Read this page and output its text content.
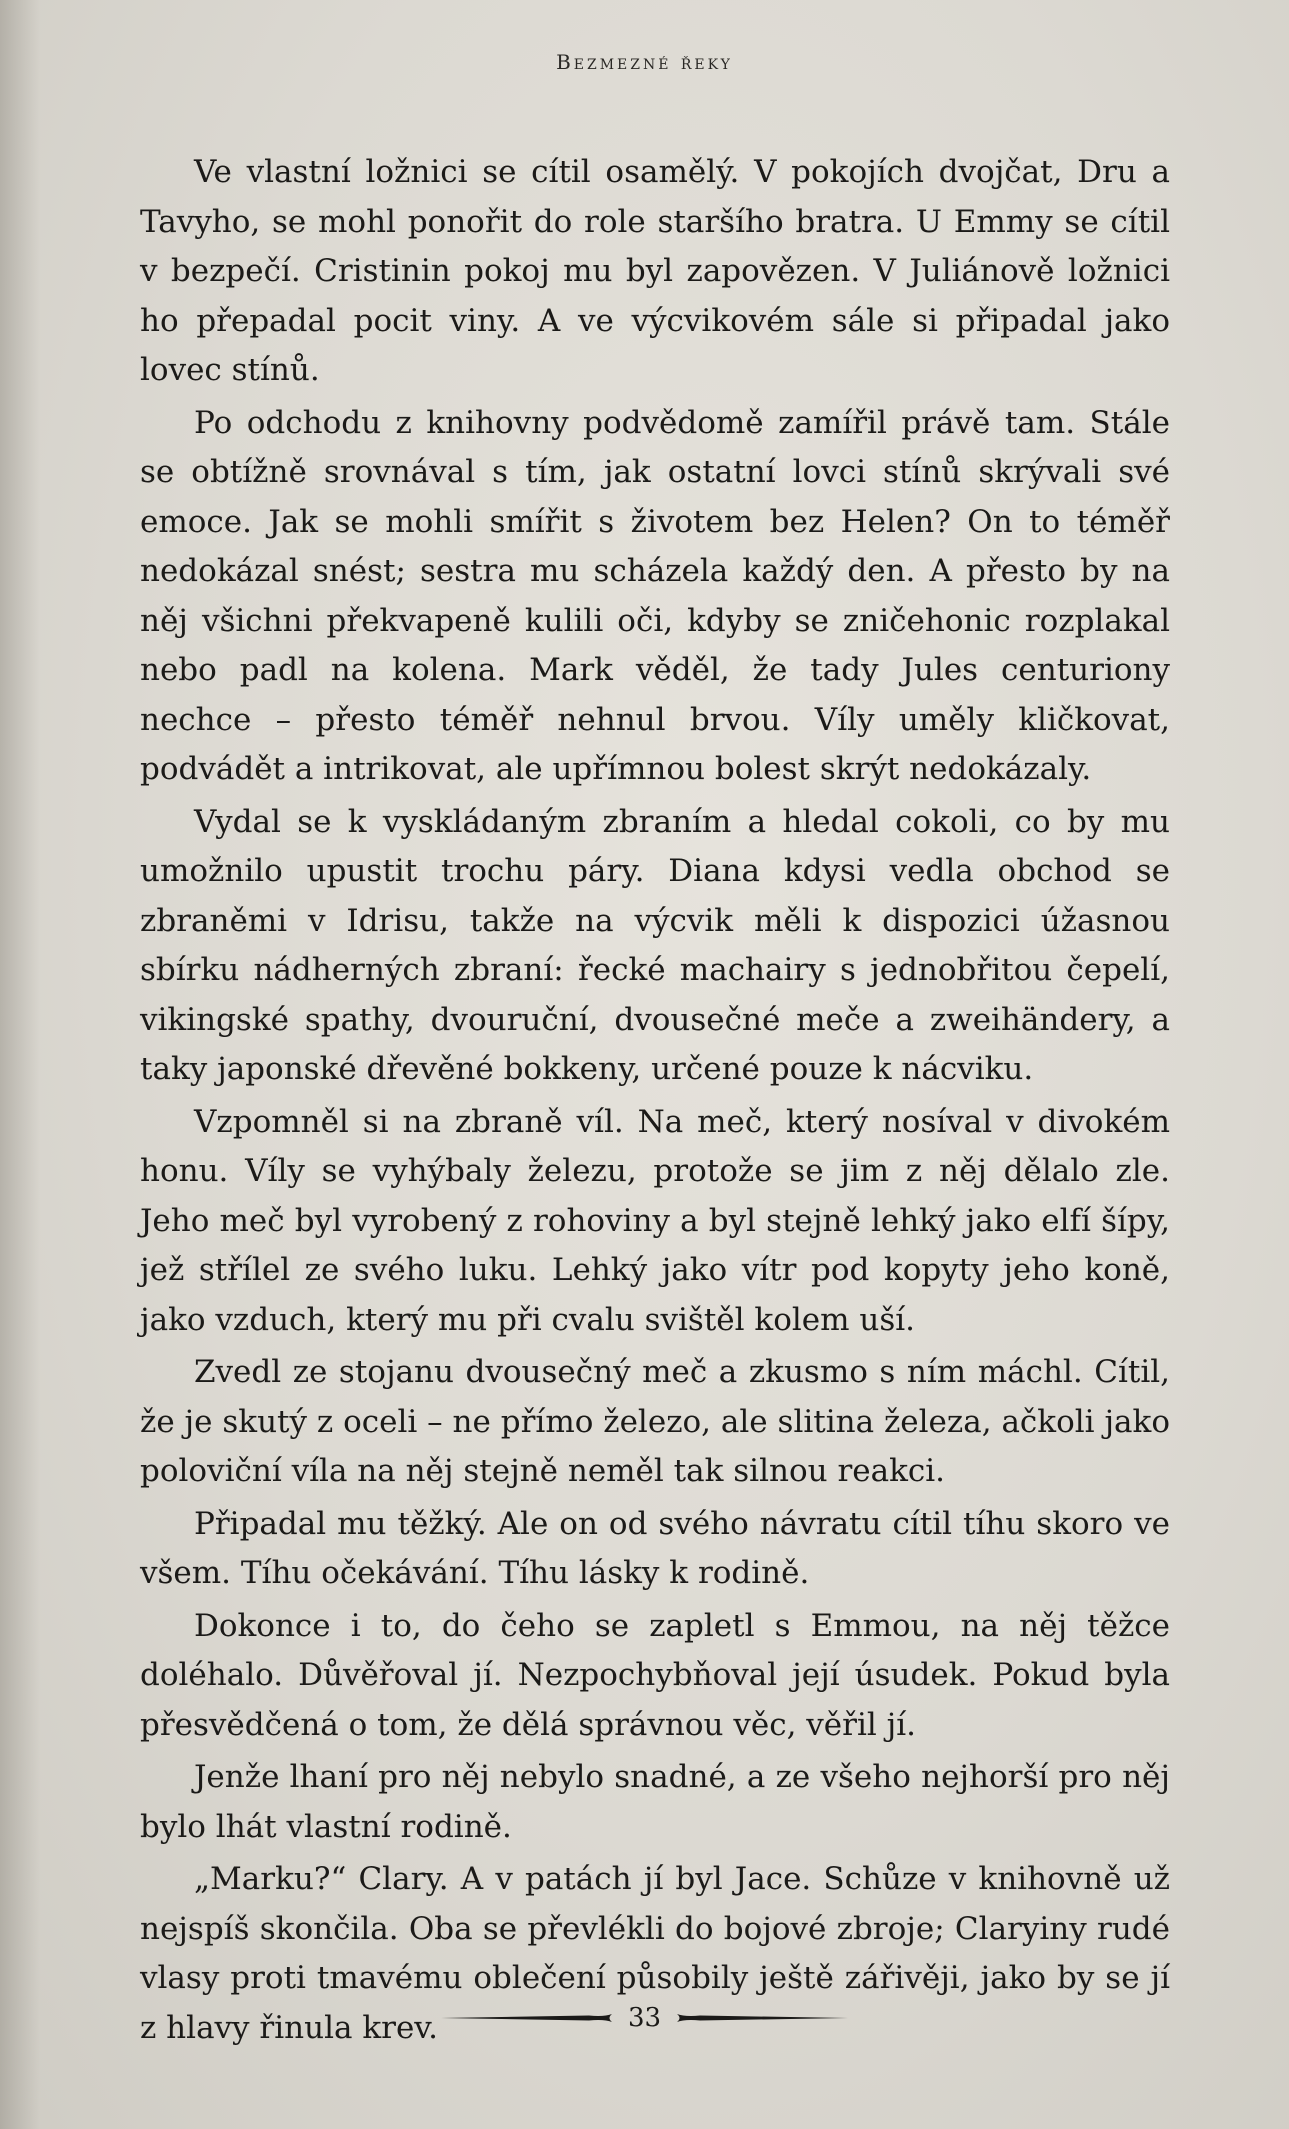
Bezmezné řeky

Ve vlastní ložnici se cítil osamělý. V pokojích dvojčat, Dru a Tavyho, se mohl ponořit do role staršího bratra. U Emmy se cítil v bezpečí. Cristinin pokoj mu byl zapovězen. V Juliánově ložnici ho přepadal pocit viny. A ve výcvikovém sále si připadal jako lovec stínů.

Po odchodu z knihovny podvědomě zamířil právě tam. Stále se obtížně srovnával s tím, jak ostatní lovci stínů skrývali své emoce. Jak se mohli smířit s životem bez Helen? On to téměř nedokázal snést; sestra mu scházela každý den. A přesto by na něj všichni překvapeně kulili oči, kdyby se zničehonic rozplakal nebo padl na kolena. Mark věděl, že tady Jules centuriony nechce – přesto téměř nehnul brvou. Víly uměly kličkovat, podvádět a intrikovat, ale upřímnou bolest skrýt nedokázaly.

Vydal se k vyskládaným zbraním a hledal cokoli, co by mu umožnilo upustit trochu páry. Diana kdysi vedla obchod se zbraněmi v Idrisu, takže na výcvik měli k dispozici úžasnou sbírku nádherných zbraní: řecké machairy s jednobřitou čepelí, vikingské spathy, dvouruční, dvousečné meče a zweihändery, a taky japonské dřevěné bokkeny, určené pouze k nácviku.

Vzpomněl si na zbraně víl. Na meč, který nosíval v divokém honu. Víly se vyhýbaly železu, protože se jim z něj dělalo zle. Jeho meč byl vyrobený z rohoviny a byl stejně lehký jako elfí šípy, jež střílel ze svého luku. Lehký jako vítr pod kopyty jeho koně, jako vzduch, který mu při cvalu svištěl kolem uší.

Zvedl ze stojanu dvousečný meč a zkusmo s ním máchl. Cítil, že je skutý z oceli – ne přímo železo, ale slitina železa, ačkoli jako poloviční víla na něj stejně neměl tak silnou reakci.

Připadal mu těžký. Ale on od svého návratu cítil tíhu skoro ve všem. Tíhu očekávání. Tíhu lásky k rodině.

Dokonce i to, do čeho se zapletl s Emmou, na něj těžce doléhalo. Důvěřoval jí. Nezpochybňoval její úsudek. Pokud byla přesvědčená o tom, že dělá správnou věc, věřil jí.

Jenže lhaní pro něj nebylo snadné, a ze všeho nejhorší pro něj bylo lhát vlastní rodině.

„Marku?“ Clary. A v patách jí byl Jace. Schůze v knihovně už nejspíš skončila. Oba se převlékli do bojové zbroje; Claryiny rudé vlasy proti tmavému oblečení působily ještě zářivěji, jako by se jí z hlavy řinula krev.	33
